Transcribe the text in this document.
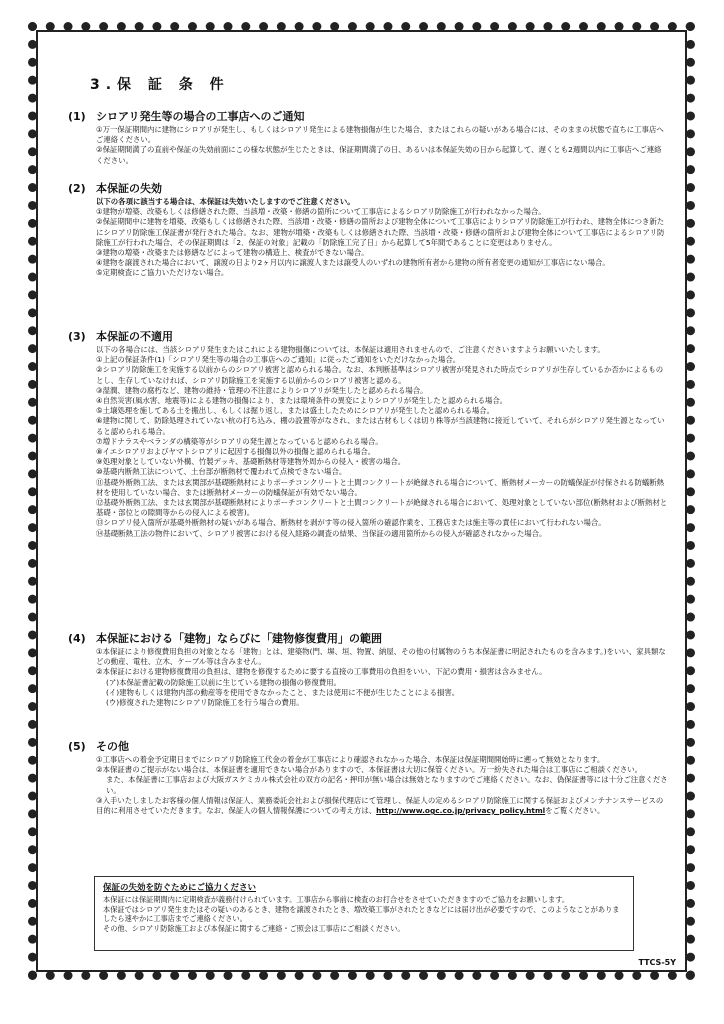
3.保 証 条 件
(1) シロアリ発生等の場合の工事店へのご通知

①万一保証期間内に建物にシロアリが発生し、もしくはシロアリ発生による建物損傷が生じた場合、またはこれらの疑いがある場合には、そのままの状態で直ちに工事店へご連絡ください。

②保証期間満了の直前や保証の失効前面にこの様な状態が生じたときは、保証期間満了の日、あるいは本保証失効の日から起算して、遅くとも2週間以内に工事店へご連絡ください。

(2) 本保証の失効

以下の各項に該当する場合は、本保証は失効いたしますのでご注意ください。

①建物が増築、改築もしくは修繕された際、当該増・改築・修繕の箇所について工事店によるシロアリ防除施工が行われなかった場合。

②保証期間中に建物を増築、改築もしくは修繕された際、当該増・改築・修繕の箇所および建物全体について工事店によりシロアリ防除施工が行われ、建物全体につき新たにシロアリ防除施工保証書が発行された場合。なお、建物が増築・改築もしくは修繕された際、当該増・改築・修繕の箇所および建物全体について工事店によるシロアリ防除施工が行われた場合、その保証期間は「2．保証の対象」記載の「防除施工完了日」から起算して5年間であることに変更はありません。

③建物の増築・改築または修繕などによって建物の構造上、検査ができない場合。

④建物を譲渡された場合において、譲渡の日より2ヶ月以内に譲渡人または譲受人のいずれの建物所有者から建物の所有者変更の通知が工事店にない場合。

⑤定期検査にご協力いただけない場合。

(3) 本保証の不適用

以下の各場合には、当該シロアリ発生またはこれによる建物損傷については、本保証は適用されませんので、ご注意くださいますようお願いいたします。

①上記の保証条件(1)「シロアリ発生等の場合の工事店へのご通知」に従ったご通知をいただけなかった場合。

②シロアリ防除施工を実施する以前からのシロアリ被害と認められる場合。なお、本判断基準はシロアリ被害が発見された時点でシロアリが生存しているか否かによるものとし、生存していなければ、シロアリ防除施工を実施する以前からのシロアリ被害と認める。

③湿潤、建物の腐朽など、建物の維持・管理の不注意によりシロアリが発生したと認められる場合。

④自然災害(風水害、地震等)による建物の損傷により、または環境条件の異変によりシロアリが発生したと認められる場合。

⑤土壌処理を施してある土を搬出し、もしくは掘り返し、または盛土したためにシロアリが発生したと認められる場合。

⑥建物に関して、防除処理されていない杭の打ち込み、棚の設置等がなされ、または古材もしくは切り株等が当該建物に接近していて、それらがシロアリ発生源となっていると認められる場合。

⑦増ドナラスやベランダの構築等がシロアリの発生源となっていると認められる場合。

⑧イエシロアリおよびヤマトシロアリに起因する損傷以外の損傷と認められる場合。

⑨処理対象としていない外構、竹製デッキ、基礎断熱材等建物外周からの侵入・被害の場合。

⑩基礎内断熱工法について、土台部が断熱材で覆われて点検できない場合。

⑪基礎外断熱工法、または玄関部が基礎断熱材によりポーチコンクリートと土間コンクリートが絶縁される場合について、断熱材メーカーの防蟻保証が付保される防蟻断熱材を使用していない場合、または断熱材メーカーの防蟻保証が有効でない場合。

⑫基礎外断熱工法、または玄関部が基礎断熱材によりポーチコンクリートと土間コンクリートが絶縁される場合において、処理対象としていない部位(断熱材および断熱材と基礎・部位との隙間等からの侵入による被害)。

⑬シロアリ侵入箇所が基礎外断熱材の疑いがある場合、断熱材を剥がす等の侵入箇所の確認作業を、工務店または施主等の責任において行われない場合。

⑭基礎断熱工法の物件において、シロアリ被害における侵入経路の調査の結果、当保証の適用箇所からの侵入が確認されなかった場合。

(4) 本保証における「建物」ならびに「建物修復費用」の範囲

①本保証により修復費用負担の対象となる「建物」とは、建築物(門、塀、垣、物置、納屋、その他の付属物のうち本保証書に明記されたものを含みます。)をいい、家具類などの動産、電柱、立木、ケーブル等は含みません。

②本保証における建物修復費用の負担は、建物を修復するために要する直接の工事費用の負担をいい、下記の費用・損害は含みません。

(ア)本保証書記載の防除施工以前に生じている建物の損傷の修復費用。

(イ)建物もしくは建物内部の動産等を使用できなかったこと、または使用に不便が生じたことによる損害。

(ウ)修復された建物にシロアリ防除施工を行う場合の費用。

(5) その他

①工事店への着金予定期日までにシロアリ防除施工代金の着金が工事店により確認されなかった場合、本保証は保証期間開始時に遡って無効となります。

②本保証書のご提示がない場合は、本保証書を適用できない場合がありますので、本保証書は大切に保管ください。万一紛失された場合は工事店にご相談ください。

また、本保証書に工事店および大阪ガスケミカル株式会社の双方の記名・押印が無い場合は無効となりますのでご連絡ください。なお、偽保証書等には十分ご注意ください。

③入手いたしましたお客様の個人情報は保証人、業務委託会社および損保代理店にて管理し、保証人の定めるシロアリ防除施工に関する保証およびメンテナンスサービスの目的に利用させていただきます。なお、保証人の個人情報保護についての考え方は、http://www.ogc.co.jp/privacy_policy.htmlをご覧ください。

保証の失効を防ぐためにご協力ください

本保証には保証期間内に定期検査が義務付けられています。工事店から事前に検査のお打合せをさせていただきますのでご協力をお願いします。

本保証ではシロアリ発生またはその疑いのあるとき、建物を譲渡されたとき、増改築工事がされたときなどには届け出が必要ですので、このようなことがありましたら速やかに工事店までご連絡ください。

その他、シロアリ防除施工および本保証に関するご連絡・ご照会は工事店にご相談ください。

TTCS-5Y
